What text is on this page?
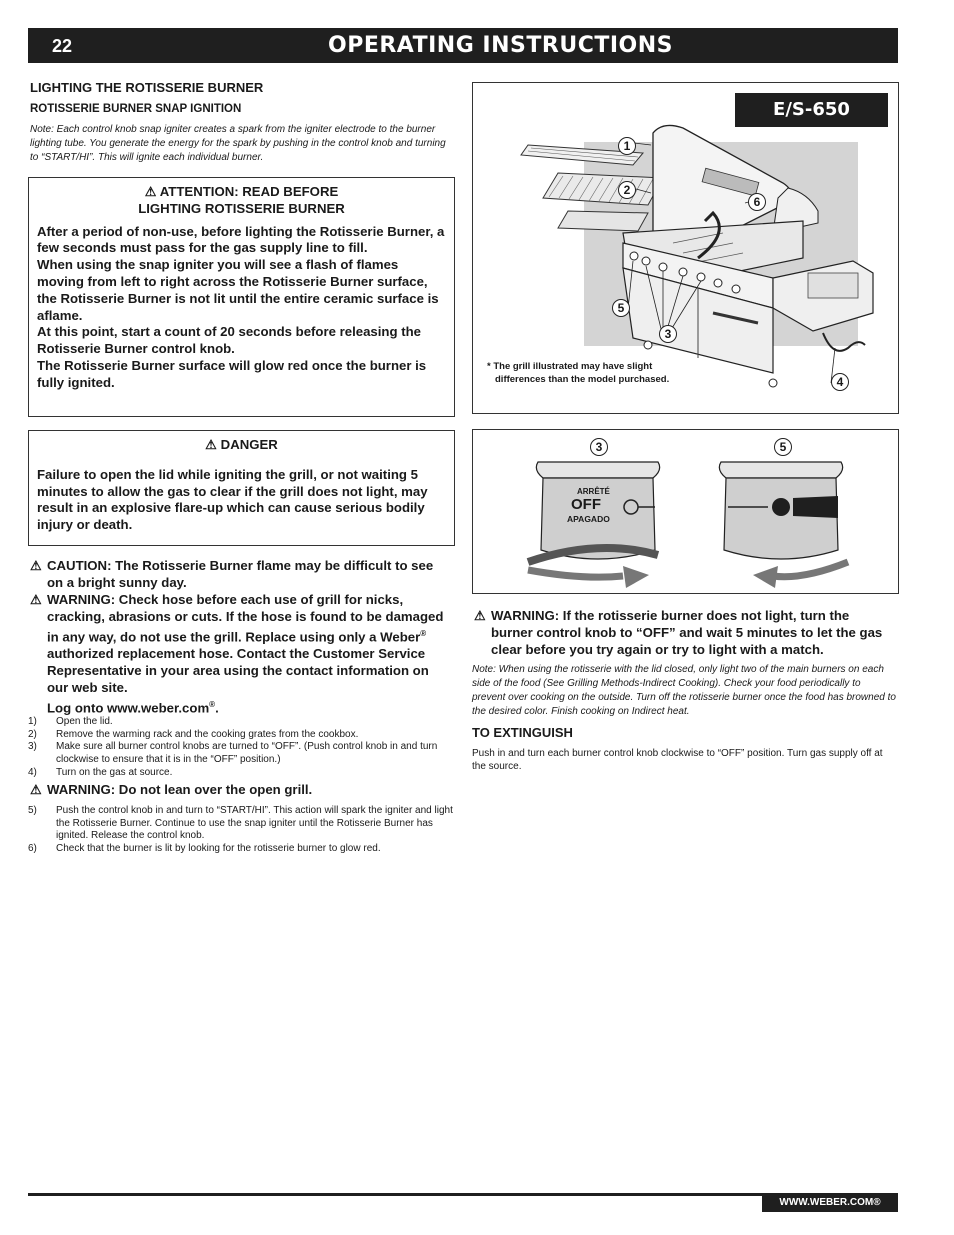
22	OPERATING INSTRUCTIONS
LIGHTING THE ROTISSERIE BURNER
ROTISSERIE BURNER SNAP IGNITION
Note: Each control knob snap igniter creates a spark from the igniter electrode to the burner lighting tube. You generate the energy for the spark by pushing in the control knob and turning to “START/HI”. This will ignite each individual burner.
⚠ ATTENTION: READ BEFORE
LIGHTING ROTISSERIE BURNER
After a period of non-use, before lighting the Rotisserie Burner, a few seconds must pass for the gas supply line to fill.
When using the snap igniter you will see a flash of flames moving from left to right across the Rotisserie Burner surface, the Rotisserie Burner is not lit until the entire ceramic surface is aflame.
At this point, start a count of 20 seconds before releasing the Rotisserie Burner control knob.
The Rotisserie Burner surface will glow red once the burner is fully ignited.
⚠ DANGER
Failure to open the lid while igniting the grill, or not waiting 5 minutes to allow the gas to clear if the grill does not light, may result in an explosive flare-up which can cause serious bodily injury or death.
⚠ CAUTION: The Rotisserie Burner flame may be difficult to see on a bright sunny day.
⚠ WARNING: Check hose before each use of grill for nicks, cracking, abrasions or cuts. If the hose is found to be damaged in any way, do not use the grill. Replace using only a Weber® authorized replacement hose. Contact the Customer Service Representative in your area using the contact information on our web site.
Log onto www.weber.com®.
1) Open the lid.
2) Remove the warming rack and the cooking grates from the cookbox.
3) Make sure all burner control knobs are turned to “OFF”. (Push control knob in and turn clockwise to ensure that it is in the “OFF” position.)
4) Turn on the gas at source.
⚠ WARNING: Do not lean over the open grill.
5) Push the control knob in and turn to “START/HI”. This action will spark the igniter and light the Rotisserie Burner. Continue to use the snap igniter until the Rotisserie Burner has ignited. Release the control knob.
6) Check that the burner is lit by looking for the rotisserie burner to glow red.
E/S-650
1
2
6
5
3
4
* The grill illustrated may have slight
differences than the model purchased.
3	5
ARRÊTÉ
OFF
APAGADO
⚠ WARNING: If the rotisserie burner does not light, turn the burner control knob to “OFF” and wait 5 minutes to let the gas clear before you try again or try to light with a match.
Note: When using the rotisserie with the lid closed, only light two of the main burners on each side of the food (See Grilling Methods-Indirect Cooking). Check your food periodically to prevent over cooking on the outside. Turn off the rotisserie burner once the food has browned to the desired color. Finish cooking on Indirect heat.
TO EXTINGUISH
Push in and turn each burner control knob clockwise to “OFF” position. Turn gas supply off at the source.
WWW.WEBER.COM®
